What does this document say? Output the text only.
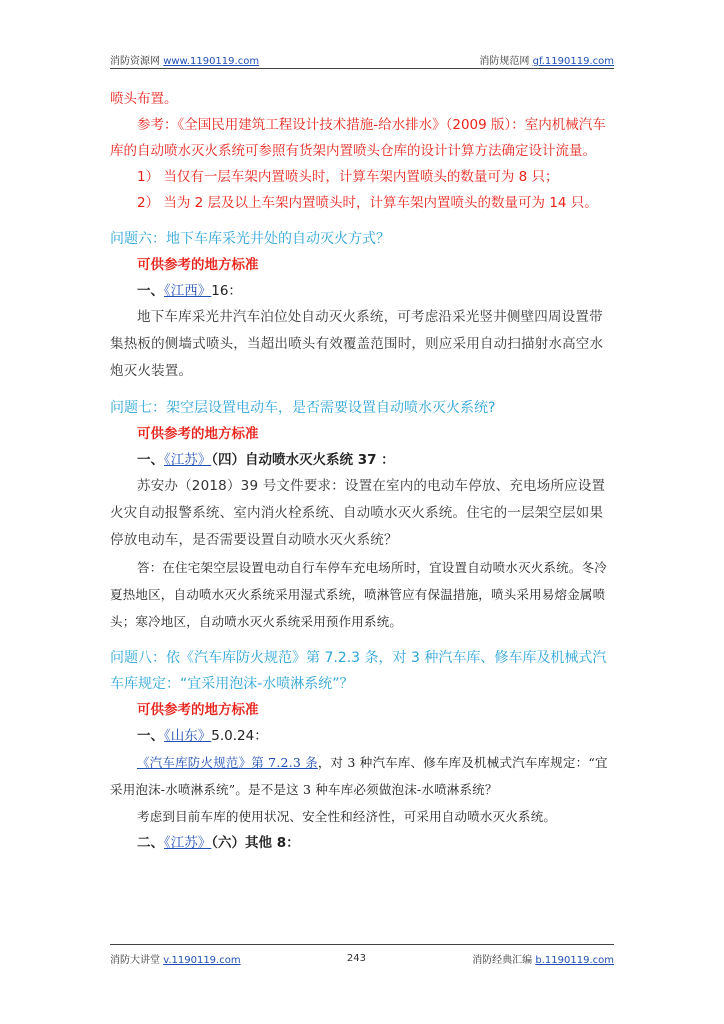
消防资源网 www.1190119.com	消防规范网 gf.1190119.com

喷头布置。

参考：《全国民用建筑工程设计技术措施-给水排水》（2009 版）：室内机械汽车库的自动喷水灭火系统可参照有货架内置喷头仓库的设计计算方法确定设计流量。

1） 当仅有一层车架内置喷头时，计算车架内置喷头的数量可为 8 只；

2） 当为 2 层及以上车架内置喷头时，计算车架内置喷头的数量可为 14 只。

问题六：地下车库采光井处的自动灭火方式？

可供参考的地方标准

一、《江西》16：

地下车库采光井汽车泊位处自动灭火系统，可考虑沿采光竖井侧壁四周设置带集热板的侧墙式喷头，当超出喷头有效覆盖范围时，则应采用自动扫描射水高空水炮灭火装置。

问题七：架空层设置电动车，是否需要设置自动喷水灭火系统?

可供参考的地方标准

一、《江苏》（四）自动喷水灭火系统 37 ：

苏安办（2018）39 号文件要求：设置在室内的电动车停放、充电场所应设置火灾自动报警系统、室内消火栓系统、自动喷水灭火系统。住宅的一层架空层如果停放电动车，是否需要设置自动喷水灭火系统？

答：在住宅架空层设置电动自行车停车充电场所时，宜设置自动喷水灭火系统。冬冷夏热地区，自动喷水灭火系统采用湿式系统，喷淋管应有保温措施，喷头采用易熔金属喷头；寒冷地区，自动喷水灭火系统采用预作用系统。

问题八：依《汽车库防火规范》第 7.2.3 条，对 3 种汽车库、修车库及机械式汽车库规定：“宜采用泡沫-水喷淋系统”？

可供参考的地方标准

一、《山东》5.0.24：

《汽车库防火规范》第 7.2.3 条，对 3 种汽车库、修车库及机械式汽车库规定：“宜采用泡沫-水喷淋系统”。是不是这 3 种车库必须做泡沫-水喷淋系统？

考虑到目前车库的使用状况、安全性和经济性，可采用自动喷水灭火系统。

二、《江苏》（六）其他 8：

消防大讲堂 v.1190119.com	243	消防经典汇编 b.1190119.com
